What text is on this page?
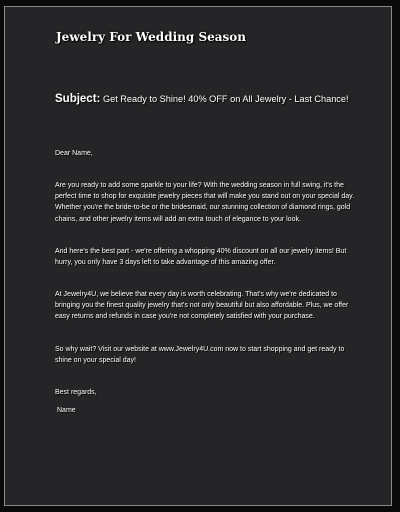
Jewelry For Wedding Season

Subject: Get Ready to Shine! 40% OFF on All Jewelry - Last Chance!

Dear Name,

Are you ready to add some sparkle to your life? With the wedding season in full swing, it's the perfect time to shop for exquisite jewelry pieces that will make you stand out on your special day. Whether you're the bride-to-be or the bridesmaid, our stunning collection of diamond rings, gold chains, and other jewelry items will add an extra touch of elegance to your look.

And here's the best part - we're offering a whopping 40% discount on all our jewelry items! But hurry, you only have 3 days left to take advantage of this amazing offer.

At Jewelry4U, we believe that every day is worth celebrating. That's why we're dedicated to bringing you the finest quality jewelry that's not only beautiful but also affordable. Plus, we offer easy returns and refunds in case you're not completely satisfied with your purchase.

So why wait? Visit our website at www.Jewelry4U.com now to start shopping and get ready to shine on your special day!

Best regards,

Name
